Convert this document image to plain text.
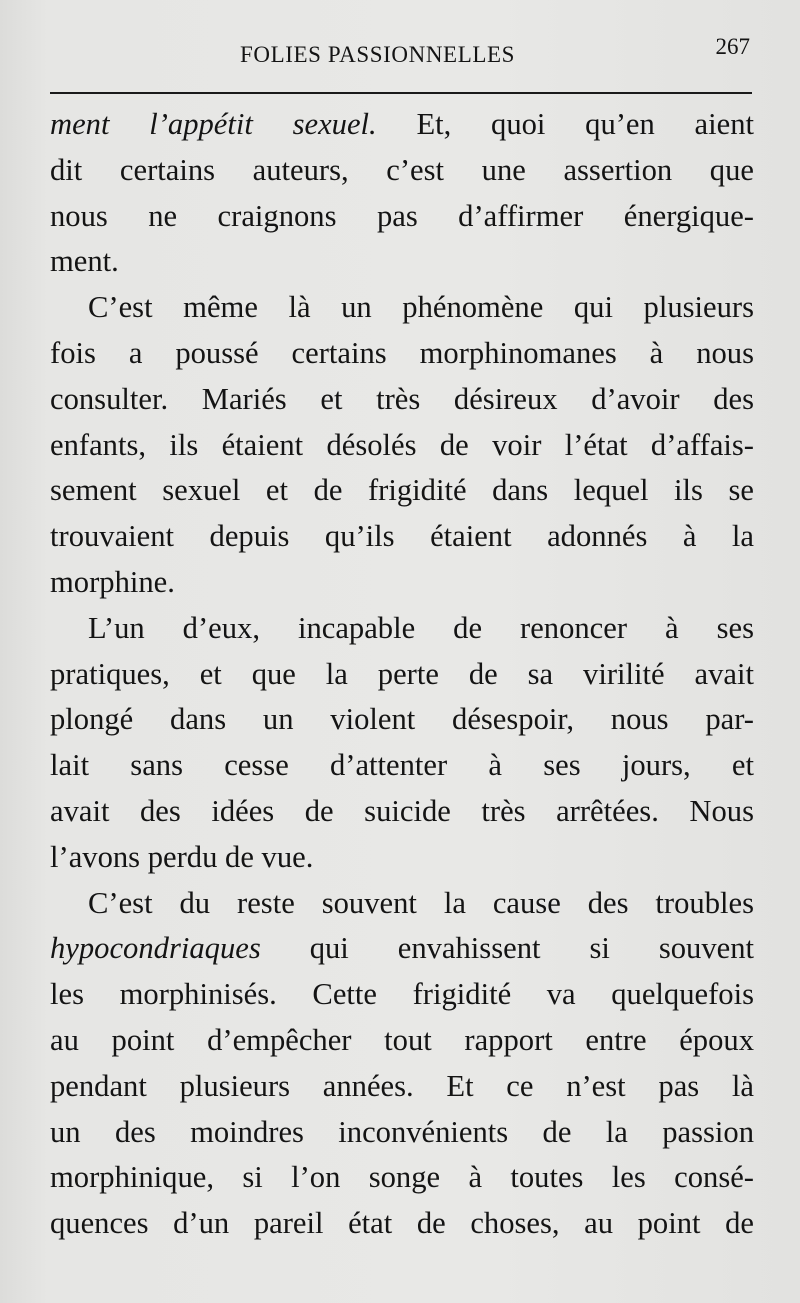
FOLIES PASSIONNELLES	267
ment l’appétit sexuel. Et, quoi qu’en aient
dit certains auteurs, c’est une assertion que
nous ne craignons pas d’affirmer énergique-
ment.
C’est même là un phénomène qui plusieurs
fois a poussé certains morphinomanes à nous
consulter. Mariés et très désireux d’avoir des
enfants, ils étaient désolés de voir l’état d’affais-
sement sexuel et de frigidité dans lequel ils se
trouvaient depuis qu’ils étaient adonnés à la
morphine.
L’un d’eux, incapable de renoncer à ses
pratiques, et que la perte de sa virilité avait
plongé dans un violent désespoir, nous par-
lait sans cesse d’attenter à ses jours, et
avait des idées de suicide très arrêtées. Nous
l’avons perdu de vue.
C’est du reste souvent la cause des troubles
hypocondriaques qui envahissent si souvent
les morphinisés. Cette frigidité va quelquefois
au point d’empêcher tout rapport entre époux
pendant plusieurs années. Et ce n’est pas là
un des moindres inconvénients de la passion
morphinique, si l’on songe à toutes les consé-
quences d’un pareil état de choses, au point de
